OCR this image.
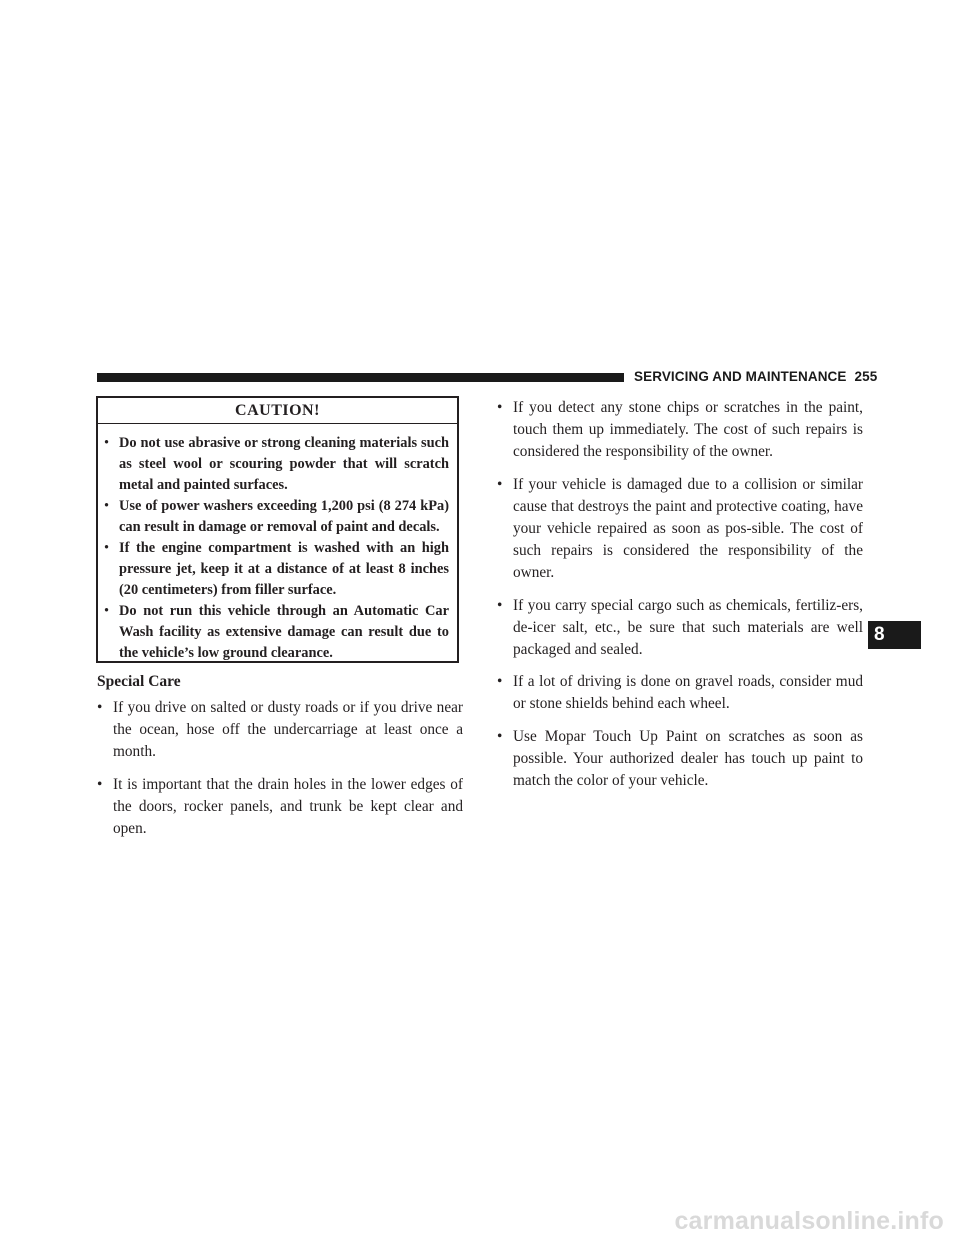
SERVICING AND MAINTENANCE 255
CAUTION!
• Do not use abrasive or strong cleaning materials such as steel wool or scouring powder that will scratch metal and painted surfaces.
• Use of power washers exceeding 1,200 psi (8 274 kPa) can result in damage or removal of paint and decals.
• If the engine compartment is washed with an high pressure jet, keep it at a distance of at least 8 inches (20 centimeters) from filler surface.
• Do not run this vehicle through an Automatic Car Wash facility as extensive damage can result due to the vehicle’s low ground clearance.
Special Care
• If you drive on salted or dusty roads or if you drive near the ocean, hose off the undercarriage at least once a month.
• It is important that the drain holes in the lower edges of the doors, rocker panels, and trunk be kept clear and open.
• If you detect any stone chips or scratches in the paint, touch them up immediately. The cost of such repairs is considered the responsibility of the owner.
• If your vehicle is damaged due to a collision or similar cause that destroys the paint and protective coating, have your vehicle repaired as soon as pos-sible. The cost of such repairs is considered the responsibility of the owner.
• If you carry special cargo such as chemicals, fertiliz-ers, de-icer salt, etc., be sure that such materials are well packaged and sealed.
• If a lot of driving is done on gravel roads, consider mud or stone shields behind each wheel.
• Use Mopar Touch Up Paint on scratches as soon as possible. Your authorized dealer has touch up paint to match the color of your vehicle.
8
carmanualsonline.info
